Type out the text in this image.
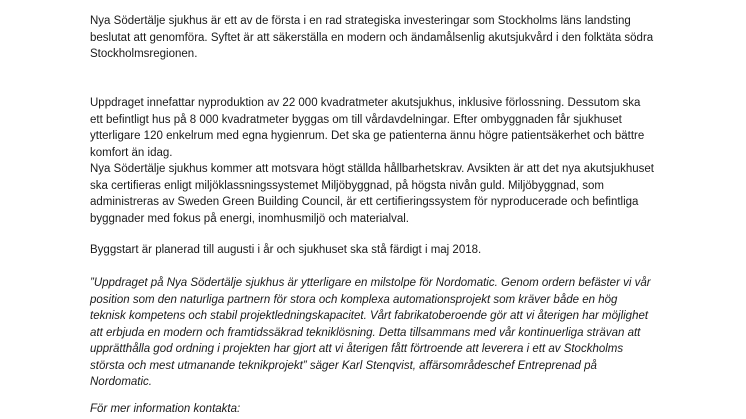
Nya Södertälje sjukhus är ett av de första i en rad strategiska investeringar som Stockholms läns landsting
beslutat att genomföra. Syftet är att säkerställa en modern och ändamålsenlig akutsjukvård i den folktäta södra
Stockholmsregionen.

Uppdraget innefattar nyproduktion av 22 000 kvadratmeter akutsjukhus, inklusive förlossning. Dessutom ska
ett befintligt hus på 8 000 kvadratmeter byggas om till vårdavdelningar. Efter ombyggnaden får sjukhuset
ytterligare 120 enkelrum med egna hygienrum. Det ska ge patienterna ännu högre patientsäkerhet och bättre
komfort än idag.

Nya Södertälje sjukhus kommer att motsvara högt ställda hållbarhetskrav. Avsikten är att det nya akutsjukhuset
ska certifieras enligt miljöklassningssystemet Miljöbyggnad, på högsta nivån guld. Miljöbyggnad, som
administreras av Sweden Green Building Council, är ett certifieringssystem för nyproducerade och befintliga
byggnader med fokus på energi, inomhusmiljö och materialval.

Byggstart är planerad till augusti i år och sjukhuset ska stå färdigt i maj 2018.

”Uppdraget på Nya Södertälje sjukhus är ytterligare en milstolpe för Nordomatic. Genom ordern befäster vi vår
position som den naturliga partnern för stora och komplexa automationsprojekt som kräver både en hög
teknisk kompetens och stabil projektledningskapacitet. Vårt fabrikatoberoende gör att vi återigen har möjlighet
att erbjuda en modern och framtidssäkrad tekniklösning. Detta tillsammans med vår kontinuerliga strävan att
upprätthålla god ordning i projekten har gjort att vi återigen fått förtroende att leverera i ett av Stockholms
största och mest utmanande teknikprojekt” säger Karl Stenqvist, affärsområdeschef Entreprenad på
Nordomatic.

För mer information kontakta:
